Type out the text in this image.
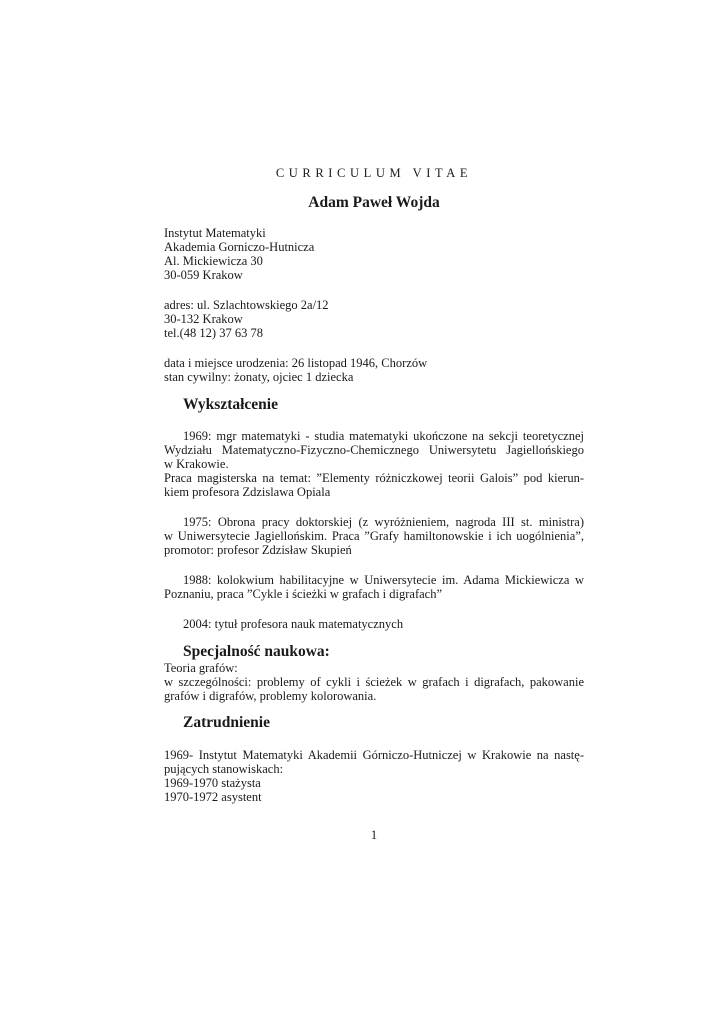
CURRICULUM VITAE
Adam Paweł Wojda
Instytut Matematyki
Akademia Gorniczo-Hutnicza
Al. Mickiewicza 30
30-059 Krakow
adres: ul. Szlachtowskiego 2a/12
30-132 Krakow
tel.(48 12) 37 63 78
data i miejsce urodzenia: 26 listopad 1946, Chorzów
stan cywilny: żonaty, ojciec 1 dziecka
Wykształcenie
1969: mgr matematyki - studia matematyki ukończone na sekcji teoretycznej
Wydziału Matematyczno-Fizyczno-Chemicznego Uniwersytetu Jagiellońskiego
w Krakowie.
Praca magisterska na temat: ”Elementy różniczkowej teorii Galois” pod kierun-
kiem profesora Zdzislawa Opiala
1975: Obrona pracy doktorskiej (z wyróżnieniem, nagroda III st. ministra)
w Uniwersytecie Jagiellońskim. Praca ”Grafy hamiltonowskie i ich uogólnienia”,
promotor: profesor Zdzisław Skupień
1988: kolokwium habilitacyjne w Uniwersytecie im. Adama Mickiewicza w
Poznaniu, praca ”Cykle i ścieżki w grafach i digrafach”
2004: tytuł profesora nauk matematycznych
Specjalność naukowa:
Teoria grafów:
w szczególności: problemy of cykli i ścieżek w grafach i digrafach, pakowanie
grafów i digrafów, problemy kolorowania.
Zatrudnienie
1969- Instytut Matematyki Akademii Górniczo-Hutniczej w Krakowie na nastę-
pujących stanowiskach:
1969-1970 stażysta
1970-1972 asystent
1
